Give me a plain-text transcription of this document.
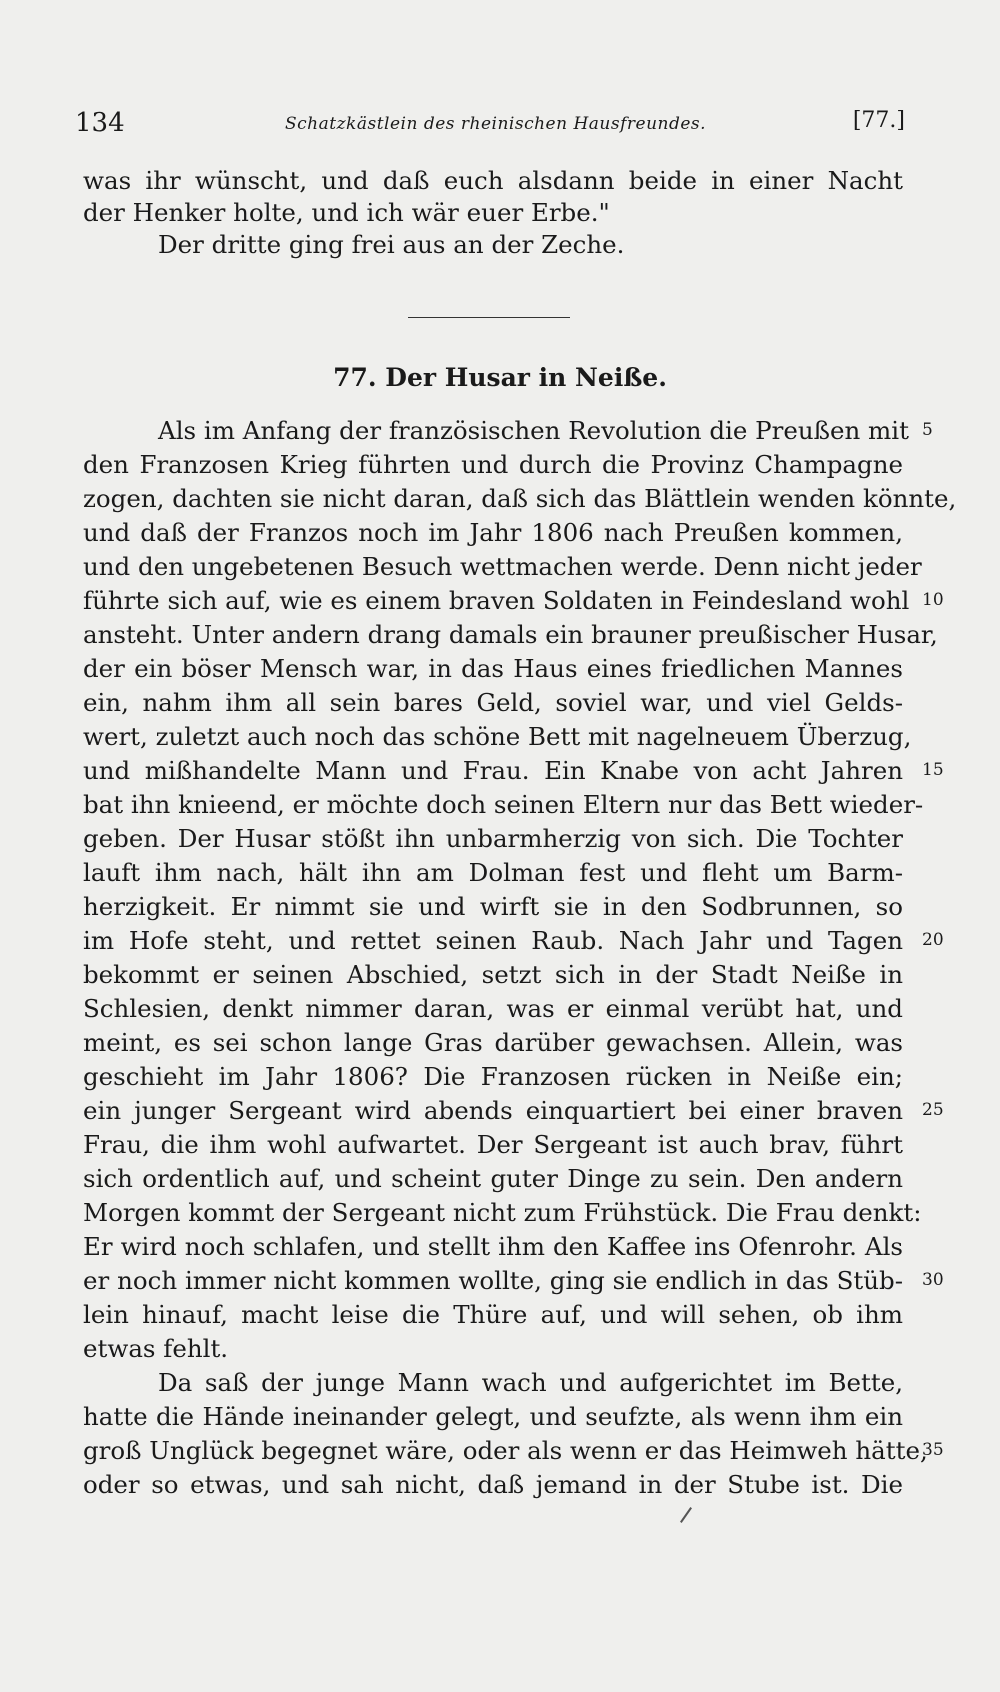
134	Schatzkästlein des rheinischen Hausfreundes.	[77.]
was ihr wünscht, und daß euch alsdann beide in einer Nacht
der Henker holte, und ich wär euer Erbe."
Der dritte ging frei aus an der Zeche.
77. Der Husar in Neiße.
Als im Anfang der französischen Revolution die Preußen mit
den Franzosen Krieg führten und durch die Provinz Champagne
zogen, dachten sie nicht daran, daß sich das Blättlein wenden könnte,
und daß der Franzos noch im Jahr 1806 nach Preußen kommen,
und den ungebetenen Besuch wettmachen werde. Denn nicht jeder
führte sich auf, wie es einem braven Soldaten in Feindesland wohl
ansteht. Unter andern drang damals ein brauner preußischer Husar,
der ein böser Mensch war, in das Haus eines friedlichen Mannes
ein, nahm ihm all sein bares Geld, soviel war, und viel Gelds-
wert, zuletzt auch noch das schöne Bett mit nagelneuem Überzug,
und mißhandelte Mann und Frau. Ein Knabe von acht Jahren
bat ihn knieend, er möchte doch seinen Eltern nur das Bett wieder-
geben. Der Husar stößt ihn unbarmherzig von sich. Die Tochter
lauft ihm nach, hält ihn am Dolman fest und fleht um Barm-
herzigkeit. Er nimmt sie und wirft sie in den Sodbrunnen, so
im Hofe steht, und rettet seinen Raub. Nach Jahr und Tagen
bekommt er seinen Abschied, setzt sich in der Stadt Neiße in
Schlesien, denkt nimmer daran, was er einmal verübt hat, und
meint, es sei schon lange Gras darüber gewachsen. Allein, was
geschieht im Jahr 1806? Die Franzosen rücken in Neiße ein;
ein junger Sergeant wird abends einquartiert bei einer braven
Frau, die ihm wohl aufwartet. Der Sergeant ist auch brav, führt
sich ordentlich auf, und scheint guter Dinge zu sein. Den andern
Morgen kommt der Sergeant nicht zum Frühstück. Die Frau denkt:
Er wird noch schlafen, und stellt ihm den Kaffee ins Ofenrohr. Als
er noch immer nicht kommen wollte, ging sie endlich in das Stüb-
lein hinauf, macht leise die Thüre auf, und will sehen, ob ihm
etwas fehlt.
Da saß der junge Mann wach und aufgerichtet im Bette,
hatte die Hände ineinander gelegt, und seufzte, als wenn ihm ein
groß Unglück begegnet wäre, oder als wenn er das Heimweh hätte,
oder so etwas, und sah nicht, daß jemand in der Stube ist. Die
5
10
15
20
25
30
35
